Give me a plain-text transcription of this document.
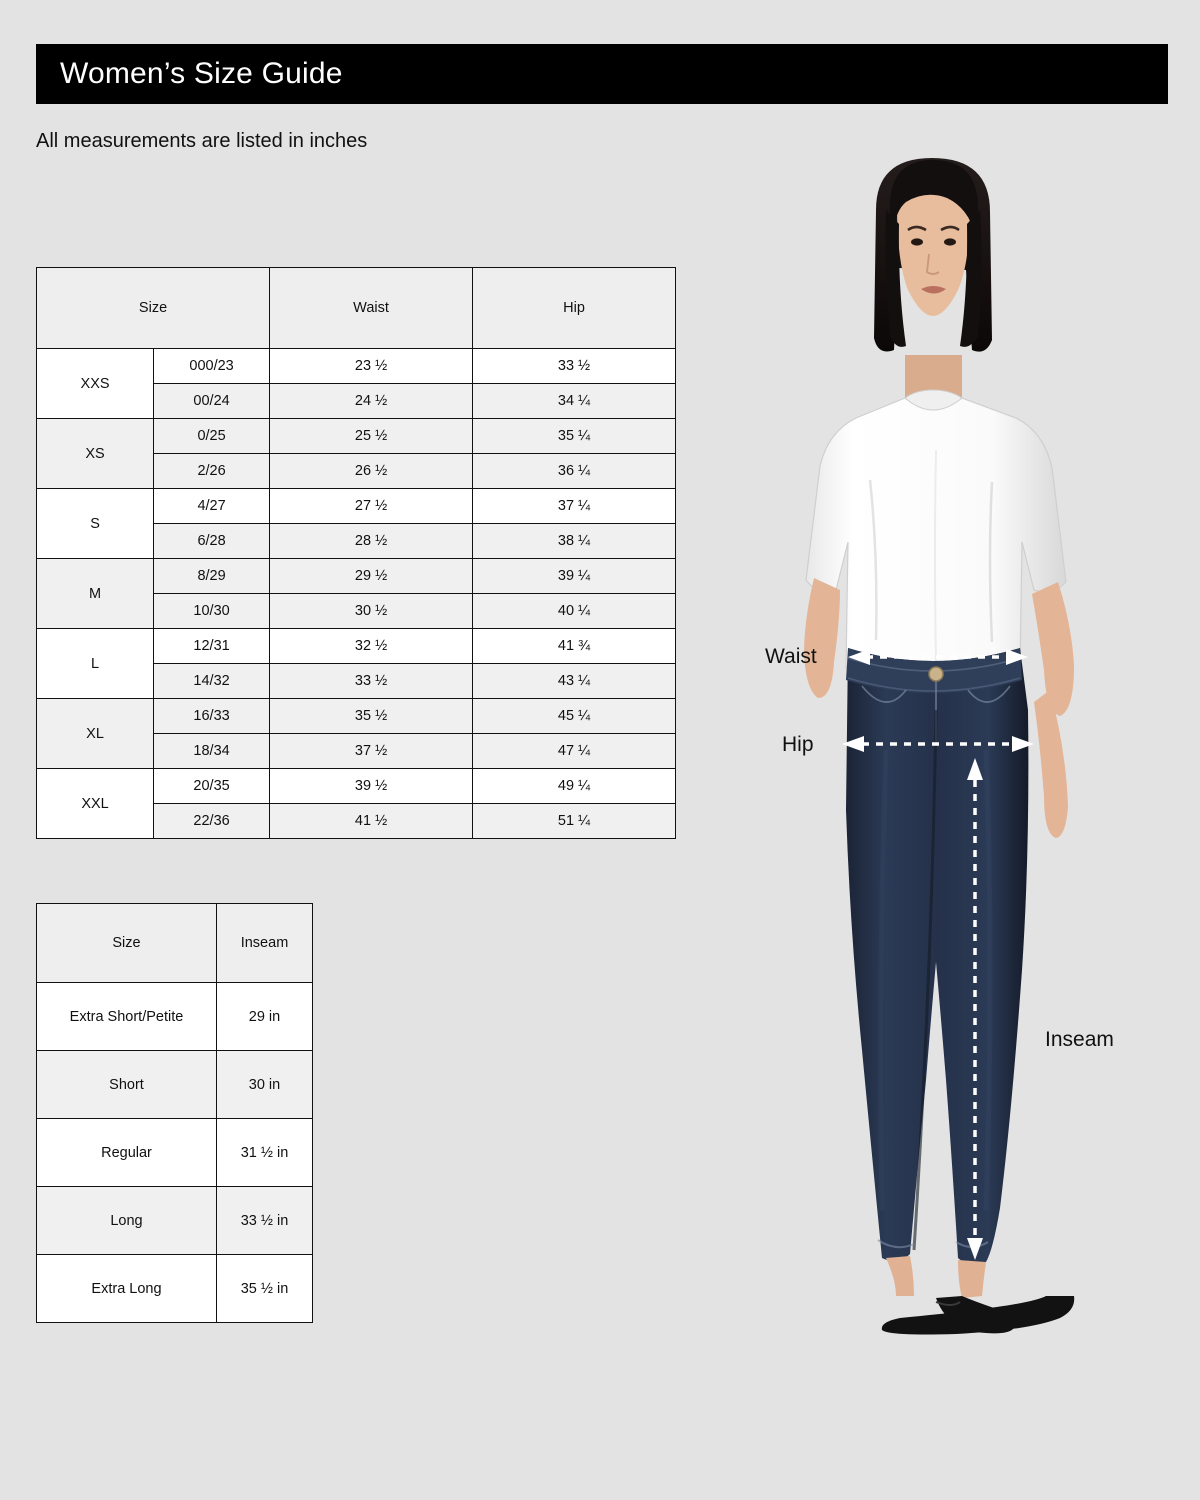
Women’s Size Guide
All measurements are listed in inches
Size		Waist	Hip
XXS	000/23	23 ½	33 ½
	00/24	24 ½	34 ¼
XS	0/25	25 ½	35 ¼
	2/26	26 ½	36 ¼
S	4/27	27 ½	37 ¼
	6/28	28 ½	38 ¼
M	8/29	29 ½	39 ¼
	10/30	30 ½	40 ¼
L	12/31	32 ½	41 ¾
	14/32	33 ½	43 ¼
XL	16/33	35 ½	45 ¼
	18/34	37 ½	47 ¼
XXL	20/35	39 ½	49 ¼
	22/36	41 ½	51 ¼
Size	Inseam
Extra Short/Petite	29 in
Short	30 in
Regular	31 ½ in
Long	33 ½ in
Extra Long	35 ½ in
Waist
Hip
Inseam
